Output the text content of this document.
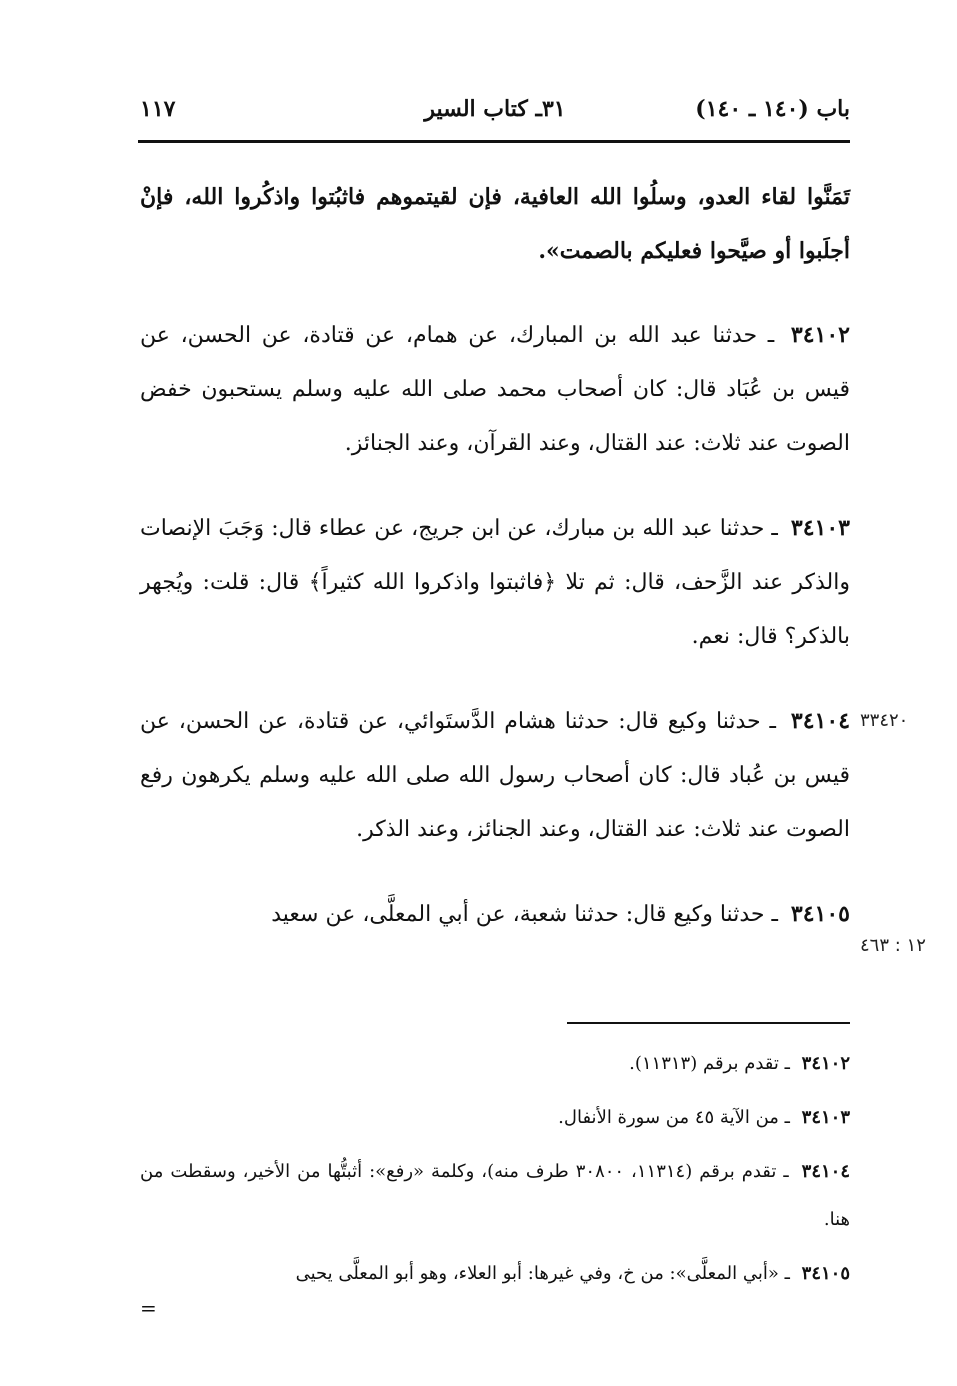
باب (١٤٠ ـ ١٤٠)
٣١ـ كتاب السير
١١٧

تَمَنَّوا لقاء العدو، وسلُوا الله العافية، فإن لقيتموهم فاثبُتوا واذكُروا الله، فإنْ أجلَبوا أو صيَّحوا فعليكم بالصمت».

٣٤١٠٢ ـ حدثنا عبد الله بن المبارك، عن همام، عن قتادة، عن الحسن، عن قيس بن عُبَاد قال: كان أصحاب محمد صلى الله عليه وسلم يستحبون خفض الصوت عند ثلاث: عند القتال، وعند القرآن، وعند الجنائز.

٣٤١٠٣ ـ حدثنا عبد الله بن مبارك، عن ابن جريج، عن عطاء قال: وَجَبَ الإنصات والذكر عند الزَّحف، قال: ثم تلا ﴿فاثبتوا واذكروا الله كثيراً﴾ قال: قلت: ويُجهر بالذكر؟ قال: نعم.

٣٤١٠٤ ـ حدثنا وكيع قال: حدثنا هشام الدَّستَوائي، عن قتادة، عن الحسن، عن قيس بن عُباد قال: كان أصحاب رسول الله صلى الله عليه وسلم يكرهون رفع الصوت عند ثلاث: عند القتال، وعند الجنائز، وعند الذكر.

٣٤١٠٥ ـ حدثنا وكيع قال: حدثنا شعبة، عن أبي المعلَّى، عن سعيد

٣٣٤٢٠
١٢ : ٤٦٣

٣٤١٠٢ ـ تقدم برقم (١١٣١٣).

٣٤١٠٣ ـ من الآية ٤٥ من سورة الأنفال.

٣٤١٠٤ ـ تقدم برقم (١١٣١٤، ٣٠٨٠٠ طرف منه)، وكلمة «رفع»: أثبتُّها من الأخير، وسقطت من هنا.

٣٤١٠٥ ـ «أبي المعلَّى»: من خ، وفي غيرها: أبو العلاء، وهو أبو المعلَّى يحيى

=
